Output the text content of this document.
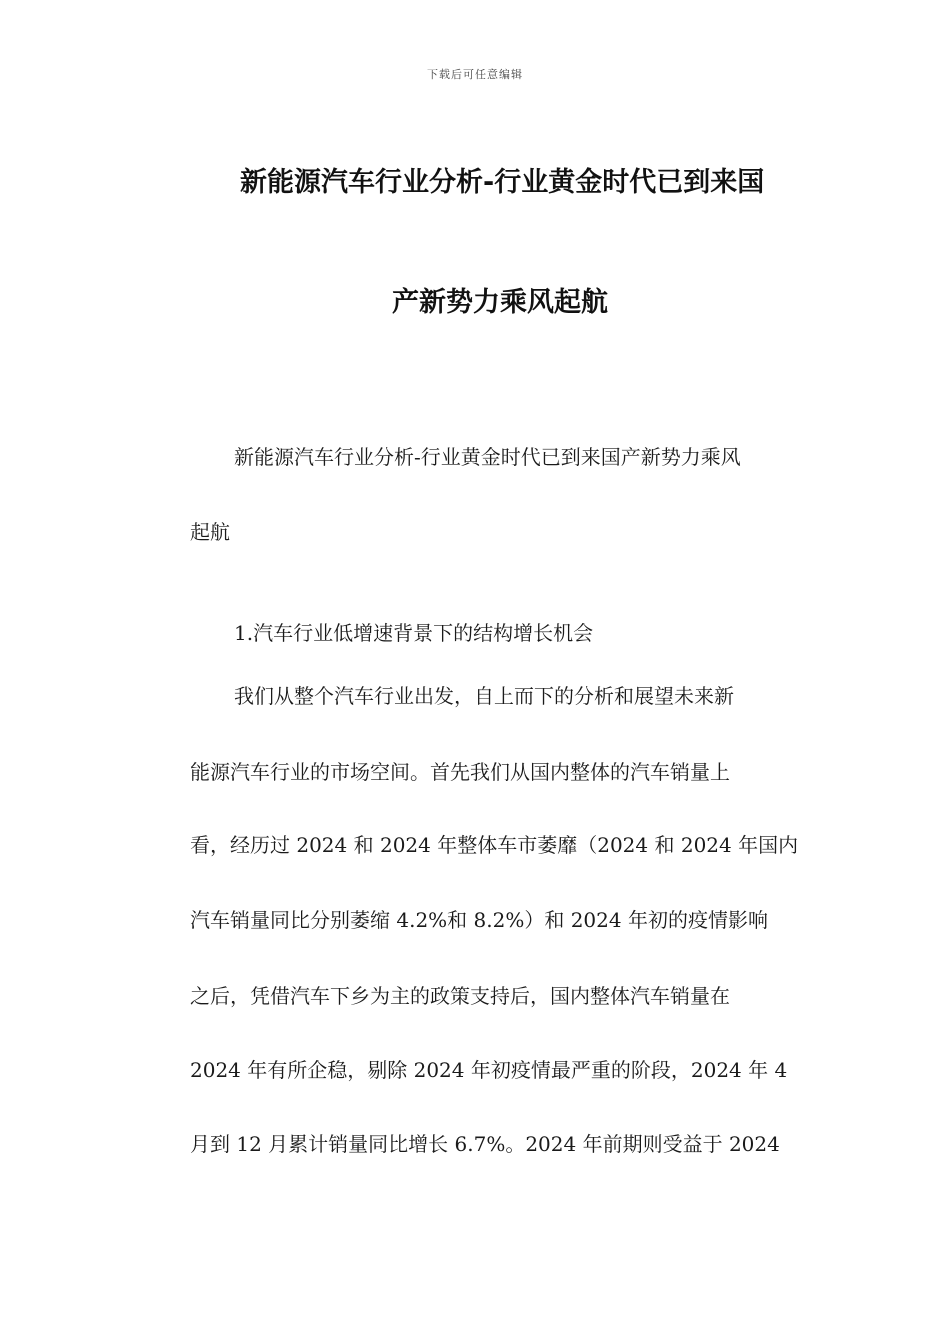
下载后可任意编辑
新能源汽车行业分析-行业黄金时代已到来国
产新势力乘风起航
新能源汽车行业分析-行业黄金时代已到来国产新势力乘风
起航
1.汽车行业低增速背景下的结构增长机会
我们从整个汽车行业出发，自上而下的分析和展望未来新
能源汽车行业的市场空间。首先我们从国内整体的汽车销量上
看，经历过 2024 和 2024 年整体车市萎靡（2024 和 2024 年国内
汽车销量同比分别萎缩 4.2%和 8.2%）和 2024 年初的疫情影响
之后，凭借汽车下乡为主的政策支持后，国内整体汽车销量在
2024 年有所企稳，剔除 2024 年初疫情最严重的阶段，2024 年 4
月到 12 月累计销量同比增长 6.7%。2024 年前期则受益于 2024
